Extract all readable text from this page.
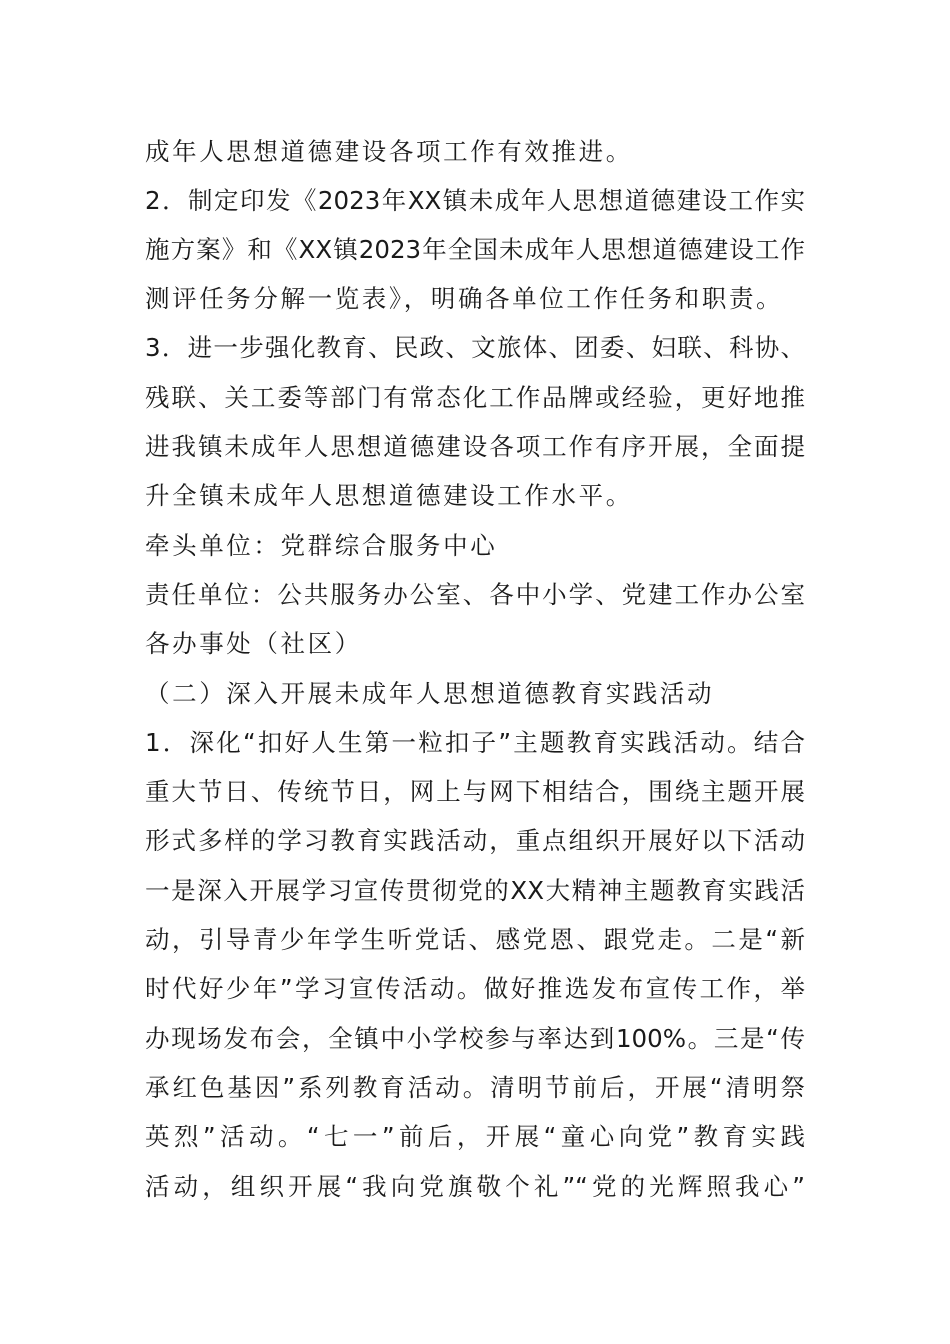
成年人思想道德建设各项工作有效推进。
2．制定印发《2023年XX镇未成年人思想道德建设工作实
施方案》和《XX镇2023年全国未成年人思想道德建设工作
测评任务分解一览表》，明确各单位工作任务和职责。
3．进一步强化教育、民政、文旅体、团委、妇联、科协、
残联、关工委等部门有常态化工作品牌或经验，更好地推
进我镇未成年人思想道德建设各项工作有序开展，全面提
升全镇未成年人思想道德建设工作水平。
牵头单位：党群综合服务中心
责任单位：公共服务办公室、各中小学、党建工作办公室
各办事处（社区）
（二）深入开展未成年人思想道德教育实践活动
1．深化“扣好人生第一粒扣子”主题教育实践活动。结合
重大节日、传统节日，网上与网下相结合，围绕主题开展
形式多样的学习教育实践活动，重点组织开展好以下活动
一是深入开展学习宣传贯彻党的XX大精神主题教育实践活
动，引导青少年学生听党话、感党恩、跟党走。二是“新
时代好少年”学习宣传活动。做好推选发布宣传工作，举
办现场发布会，全镇中小学校参与率达到100%。三是“传
承红色基因”系列教育活动。清明节前后，开展“清明祭
英烈”活动。“七一”前后，开展“童心向党”教育实践
活动，组织开展“我向党旗敬个礼”“党的光辉照我心”
